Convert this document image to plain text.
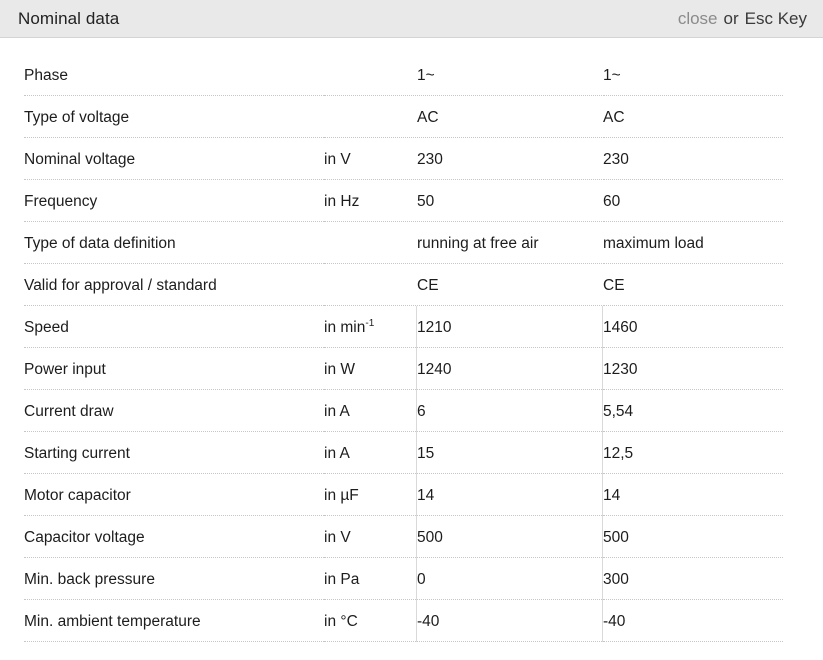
Nominal data	close or Esc Key
Phase		1~	1~
Type of voltage		AC	AC
Nominal voltage	in V	230	230
Frequency	in Hz	50	60
Type of data definition		running at free air	maximum load
Valid for approval / standard		CE	CE
Speed	in $\min^{-1}$	1210	1460
Power input	in W	1240	1230
Current draw	in A	6	5,54
Starting current	in A	15	12,5
Motor capacitor	in µF	14	14
Capacitor voltage	in V	500	500
Min. back pressure	in Pa	0	300
Min. ambient temperature	in °C	-40	-40
